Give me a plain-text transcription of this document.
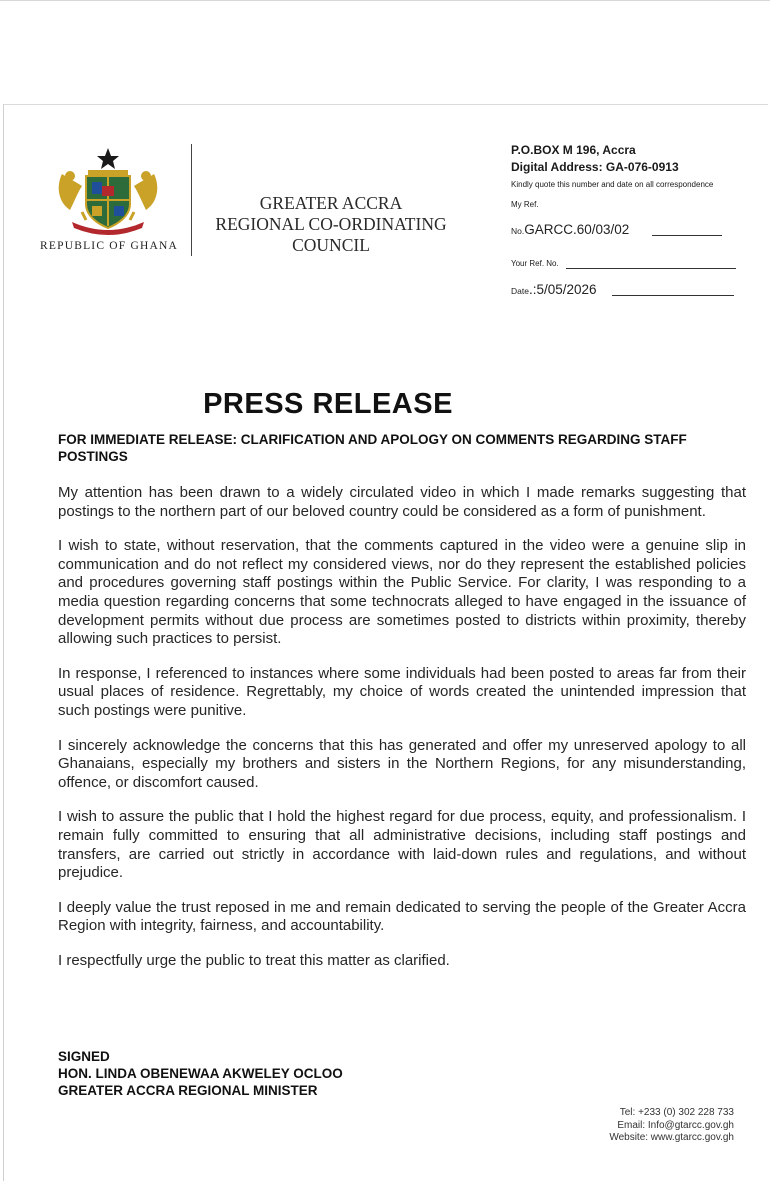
REPUBLIC OF GHANA
GREATER ACCRA
REGIONAL CO-ORDINATING
COUNCIL
P.O.BOX M 196, Accra
Digital Address: GA-076-0913
Kindly quote this number and date on all correspondence
My Ref.
No.GARCC.60/03/02
Your Ref. No.
Date.:5/05/2026
PRESS RELEASE
FOR IMMEDIATE RELEASE: CLARIFICATION AND APOLOGY ON COMMENTS REGARDING STAFF POSTINGS

My attention has been drawn to a widely circulated video in which I made remarks suggesting that postings to the northern part of our beloved country could be considered as a form of punishment.

I wish to state, without reservation, that the comments captured in the video were a genuine slip in communication and do not reflect my considered views, nor do they represent the established policies and procedures governing staff postings within the Public Service. For clarity, I was responding to a media question regarding concerns that some technocrats alleged to have engaged in the issuance of development permits without due process are sometimes posted to districts within proximity, thereby allowing such practices to persist.

In response, I referenced to instances where some individuals had been posted to areas far from their usual places of residence. Regrettably, my choice of words created the unintended impression that such postings were punitive.

I sincerely acknowledge the concerns that this has generated and offer my unreserved apology to all Ghanaians, especially my brothers and sisters in the Northern Regions, for any misunderstanding, offence, or discomfort caused.

I wish to assure the public that I hold the highest regard for due process, equity, and professionalism. I remain fully committed to ensuring that all administrative decisions, including staff postings and transfers, are carried out strictly in accordance with laid-down rules and regulations, and without prejudice.

I deeply value the trust reposed in me and remain dedicated to serving the people of the Greater Accra Region with integrity, fairness, and accountability.

I respectfully urge the public to treat this matter as clarified.

SIGNED
HON. LINDA OBENEWAA AKWELEY OCLOO
GREATER ACCRA REGIONAL MINISTER
Tel: +233 (0) 302 228 733
Email: Info@gtarcc.gov.gh
Website: www.gtarcc.gov.gh
